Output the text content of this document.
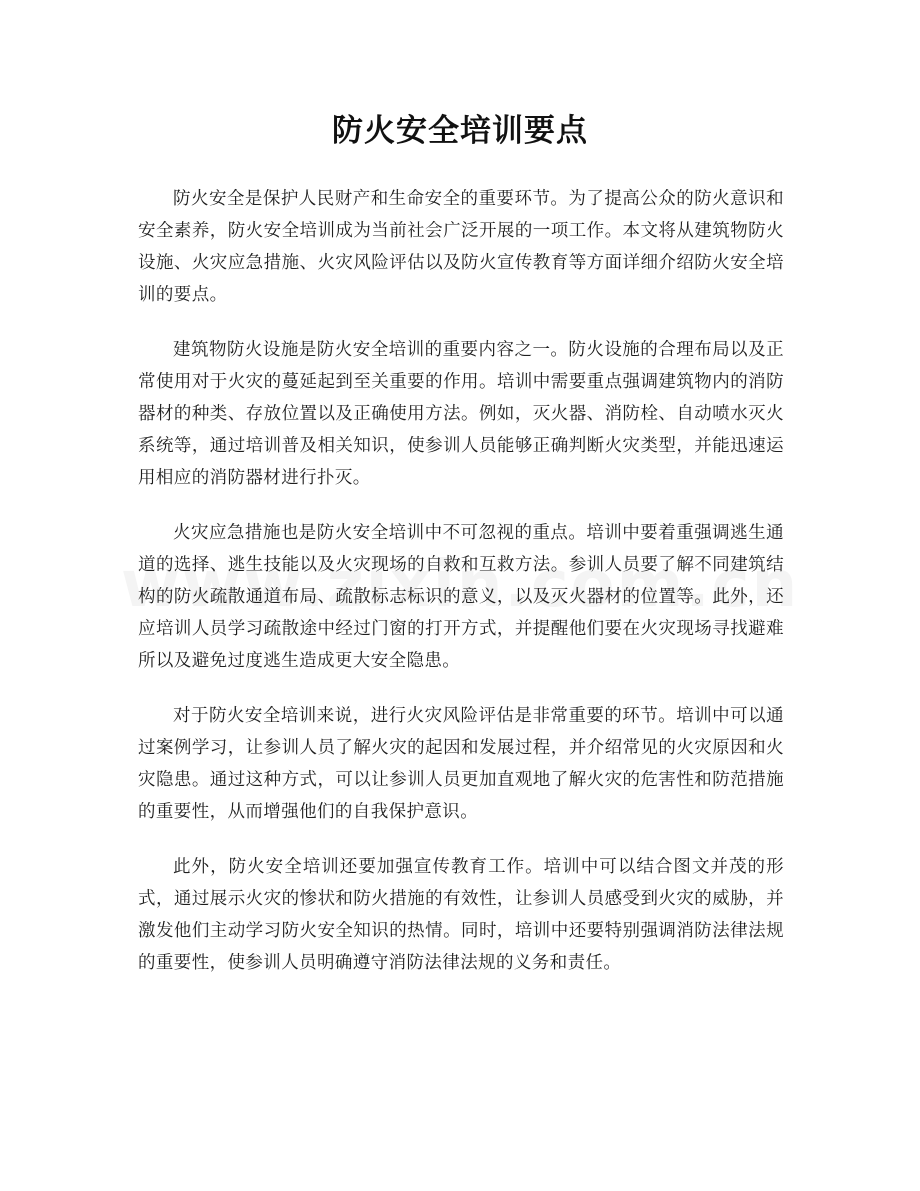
防火安全培训要点

防火安全是保护人民财产和生命安全的重要环节。为了提高公众的防火意识和安全素养，防火安全培训成为当前社会广泛开展的一项工作。本文将从建筑物防火设施、火灾应急措施、火灾风险评估以及防火宣传教育等方面详细介绍防火安全培训的要点。

建筑物防火设施是防火安全培训的重要内容之一。防火设施的合理布局以及正常使用对于火灾的蔓延起到至关重要的作用。培训中需要重点强调建筑物内的消防器材的种类、存放位置以及正确使用方法。例如，灭火器、消防栓、自动喷水灭火系统等，通过培训普及相关知识，使参训人员能够正确判断火灾类型，并能迅速运用相应的消防器材进行扑灭。

火灾应急措施也是防火安全培训中不可忽视的重点。培训中要着重强调逃生通道的选择、逃生技能以及火灾现场的自救和互救方法。参训人员要了解不同建筑结构的防火疏散通道布局、疏散标志标识的意义，以及灭火器材的位置等。此外，还应培训人员学习疏散途中经过门窗的打开方式，并提醒他们要在火灾现场寻找避难所以及避免过度逃生造成更大安全隐患。

对于防火安全培训来说，进行火灾风险评估是非常重要的环节。培训中可以通过案例学习，让参训人员了解火灾的起因和发展过程，并介绍常见的火灾原因和火灾隐患。通过这种方式，可以让参训人员更加直观地了解火灾的危害性和防范措施的重要性，从而增强他们的自我保护意识。

此外，防火安全培训还要加强宣传教育工作。培训中可以结合图文并茂的形式，通过展示火灾的惨状和防火措施的有效性，让参训人员感受到火灾的威胁，并激发他们主动学习防火安全知识的热情。同时，培训中还要特别强调消防法律法规的重要性，使参训人员明确遵守消防法律法规的义务和责任。
